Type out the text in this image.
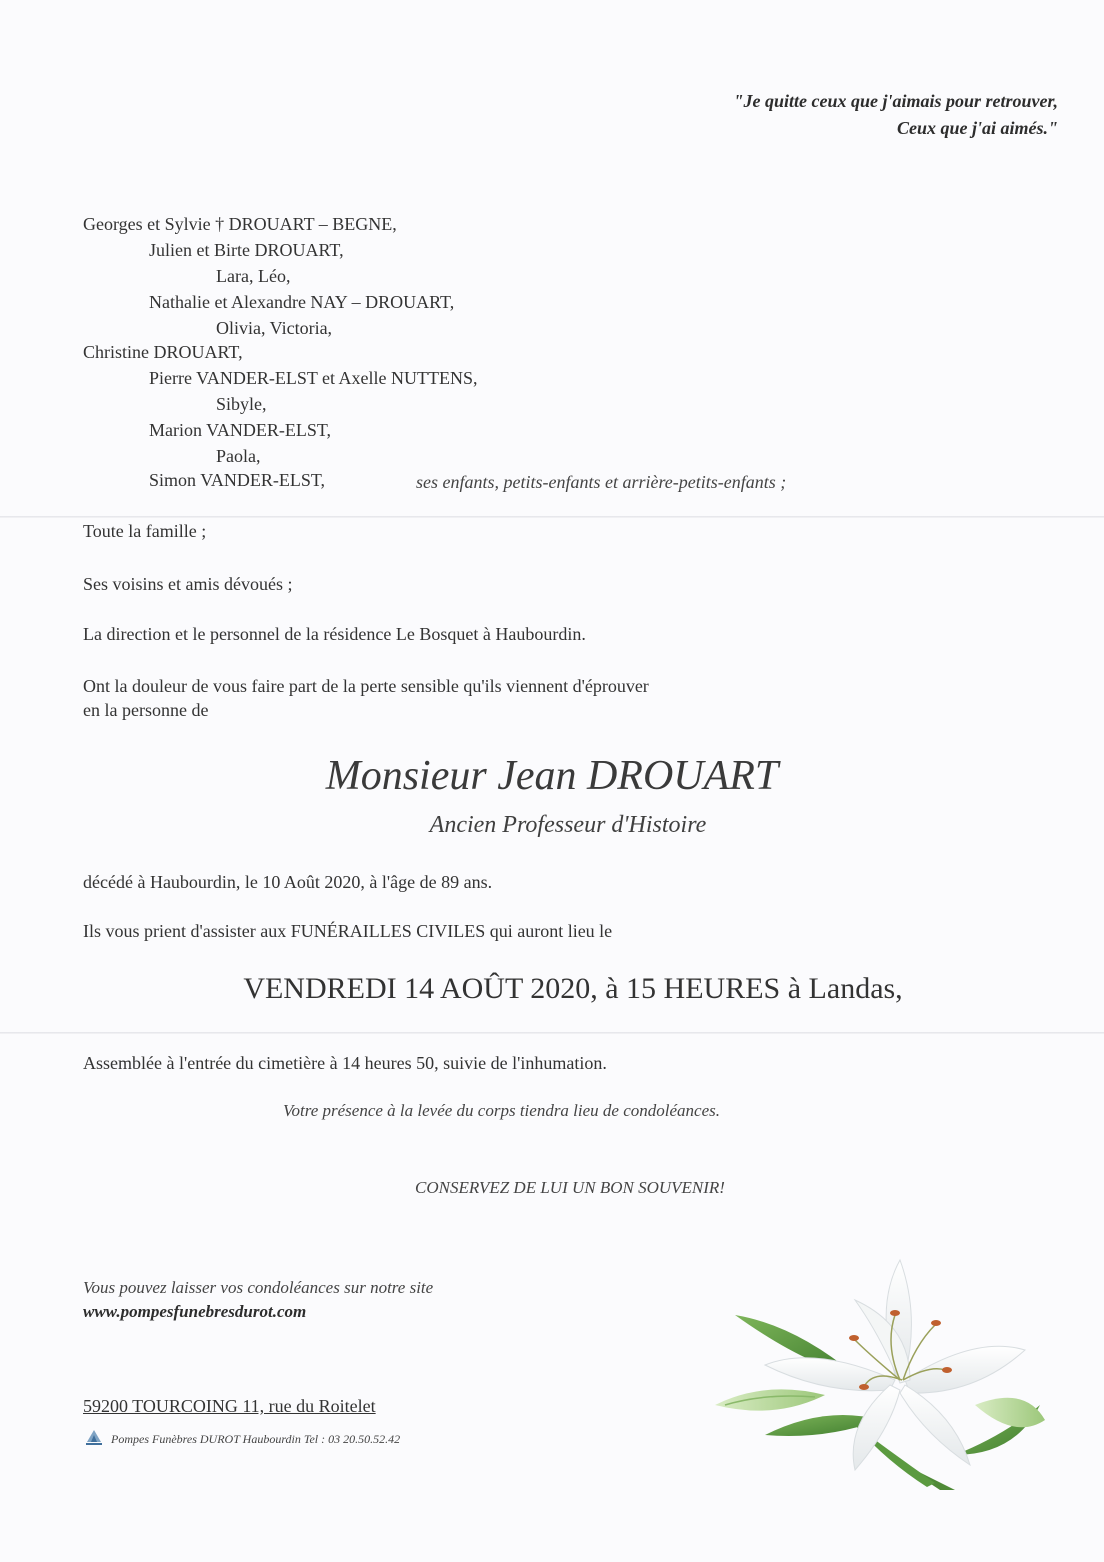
"Je quitte ceux que j'aimais pour retrouver,
Ceux que j'ai aimés."
Georges et Sylvie † DROUART – BEGNE,
Julien et Birte DROUART,
Lara, Léo,
Nathalie et Alexandre NAY – DROUART,
Olivia, Victoria,
Christine DROUART,
Pierre VANDER-ELST et Axelle NUTTENS,
Sibyle,
Marion VANDER-ELST,
Paola,
Simon VANDER-ELST,	ses enfants, petits-enfants et arrière-petits-enfants ;
Toute la famille ;
Ses voisins et amis dévoués ;
La direction et le personnel de la résidence Le Bosquet à Haubourdin.
Ont la douleur de vous faire part de la perte sensible qu'ils viennent d'éprouver
en la personne de
Monsieur Jean DROUART
Ancien Professeur d'Histoire
décédé à Haubourdin, le 10 Août 2020, à l'âge de 89 ans.
Ils vous prient d'assister aux FUNÉRAILLES CIVILES qui auront lieu le
VENDREDI 14 AOÛT 2020, à 15 HEURES à Landas,
Assemblée à l'entrée du cimetière à 14 heures 50, suivie de l'inhumation.
Votre présence à la levée du corps tiendra lieu de condoléances.
CONSERVEZ DE LUI UN BON SOUVENIR!
Vous pouvez laisser vos condoléances sur notre site
www.pompesfunebresdurot.com
59200 TOURCOING 11, rue du Roitelet
Pompes Funèbres DUROT Haubourdin Tel : 03 20.50.52.42
